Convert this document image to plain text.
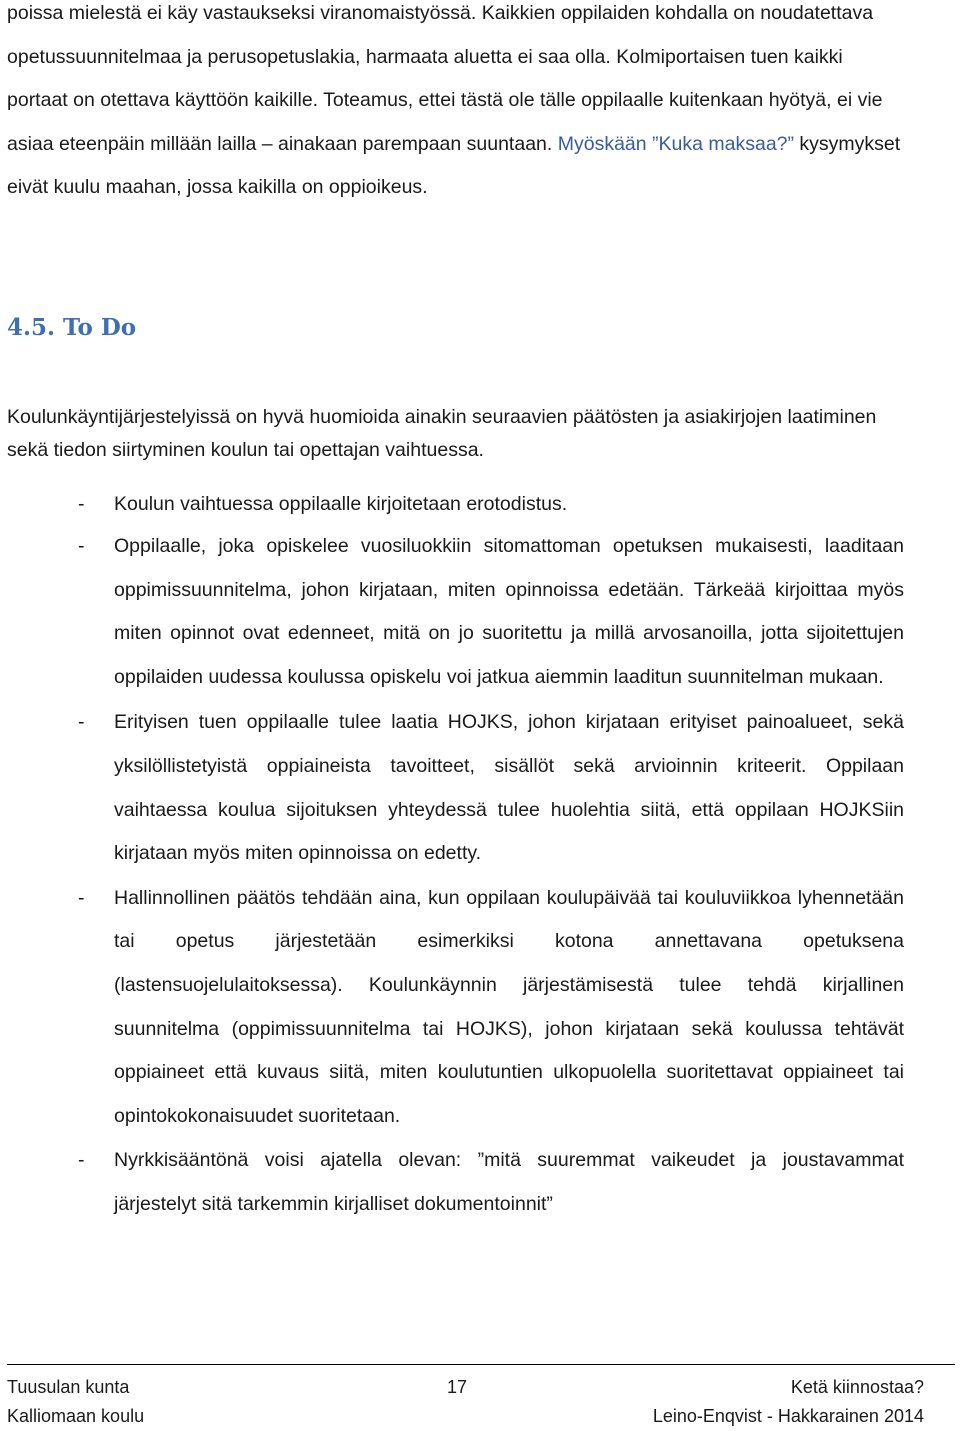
poissa mielestä ei käy vastaukseksi viranomaistyössä. Kaikkien oppilaiden kohdalla on noudatettava opetussuunnitelmaa ja perusopetuslakia, harmaata aluetta ei saa olla. Kolmiportaisen tuen kaikki portaat on otettava käyttöön kaikille. Toteamus, ettei tästä ole tälle oppilaalle kuitenkaan hyötyä, ei vie asiaa eteenpäin millään lailla – ainakaan parempaan suuntaan. Myöskään ”Kuka maksaa?” kysymykset eivät kuulu maahan, jossa kaikilla on oppioikeus.

4.5. To Do

Koulunkäyntijärjestelyissä on hyvä huomioida ainakin seuraavien päätösten ja asiakirjojen laatiminen sekä tiedon siirtyminen koulun tai opettajan vaihtuessa.

- Koulun vaihtuessa oppilaalle kirjoitetaan erotodistus.
- Oppilaalle, joka opiskelee vuosiluokkiin sitomattoman opetuksen mukaisesti, laaditaan oppimissuunnitelma, johon kirjataan, miten opinnoissa edetään. Tärkeää kirjoittaa myös miten opinnot ovat edenneet, mitä on jo suoritettu ja millä arvosanoilla, jotta sijoitettujen oppilaiden uudessa koulussa opiskelu voi jatkua aiemmin laaditun suunnitelman mukaan.
- Erityisen tuen oppilaalle tulee laatia HOJKS, johon kirjataan erityiset painoalueet, sekä yksilöllistetyistä oppiaineista tavoitteet, sisällöt sekä arvioinnin kriteerit. Oppilaan vaihtaessa koulua sijoituksen yhteydessä tulee huolehtia siitä, että oppilaan HOJKSiin kirjataan myös miten opinnoissa on edetty.
- Hallinnollinen päätös tehdään aina, kun oppilaan koulupäivää tai kouluviikkoa lyhennetään tai opetus järjestetään esimerkiksi kotona annettavana opetuksena (lastensuojelulaitoksessa). Koulunkäynnin järjestämisestä tulee tehdä kirjallinen suunnitelma (oppimissuunnitelma tai HOJKS), johon kirjataan sekä koulussa tehtävät oppiaineet että kuvaus siitä, miten koulutuntien ulkopuolella suoritettavat oppiaineet tai opintokokonaisuudet suoritetaan.
- Nyrkkisääntönä voisi ajatella olevan: ”mitä suuremmat vaikeudet ja joustavammat järjestelyt sitä tarkemmin kirjalliset dokumentoinnit”
Tuusulan kunta	17	Ketä kiinnostaa?
Kalliomaan koulu	Leino-Enqvist - Hakkarainen 2014
